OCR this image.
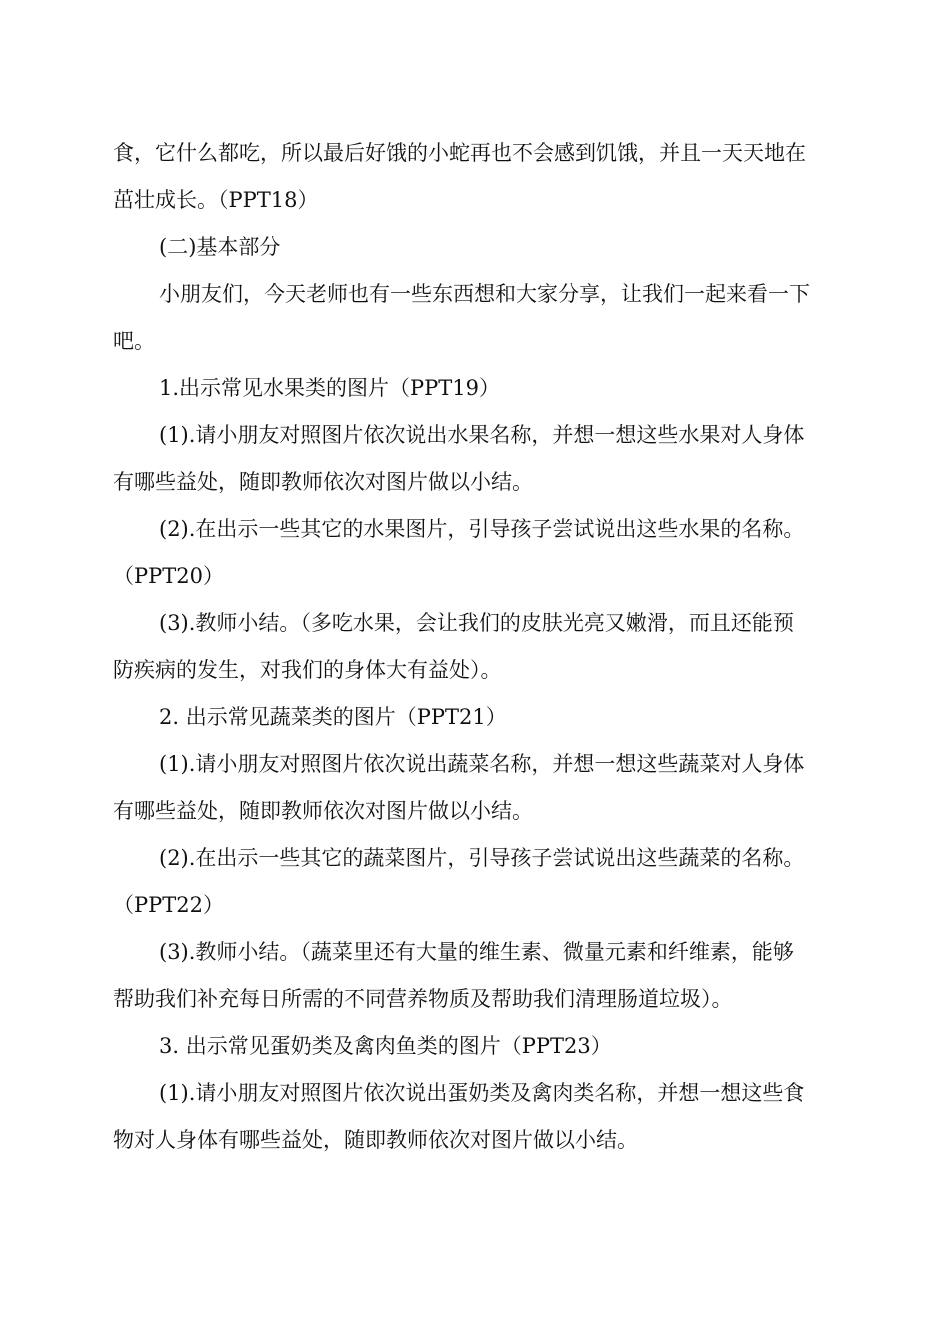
食，它什么都吃，所以最后好饿的小蛇再也不会感到饥饿，并且一天天地在
茁壮成长。（PPT18）
(二)基本部分
小朋友们，今天老师也有一些东西想和大家分享，让我们一起来看一下
吧。
1.出示常见水果类的图片（PPT19）
(1).请小朋友对照图片依次说出水果名称，并想一想这些水果对人身体
有哪些益处，随即教师依次对图片做以小结。
(2).在出示一些其它的水果图片，引导孩子尝试说出这些水果的名称。
（PPT20）
(3).教师小结。（多吃水果，会让我们的皮肤光亮又嫩滑，而且还能预
防疾病的发生，对我们的身体大有益处）。
2. 出示常见蔬菜类的图片（PPT21）
(1).请小朋友对照图片依次说出蔬菜名称，并想一想这些蔬菜对人身体
有哪些益处，随即教师依次对图片做以小结。
(2).在出示一些其它的蔬菜图片，引导孩子尝试说出这些蔬菜的名称。
（PPT22）
(3).教师小结。（蔬菜里还有大量的维生素、微量元素和纤维素，能够
帮助我们补充每日所需的不同营养物质及帮助我们清理肠道垃圾）。
3. 出示常见蛋奶类及禽肉鱼类的图片（PPT23）
(1).请小朋友对照图片依次说出蛋奶类及禽肉类名称，并想一想这些食
物对人身体有哪些益处，随即教师依次对图片做以小结。
